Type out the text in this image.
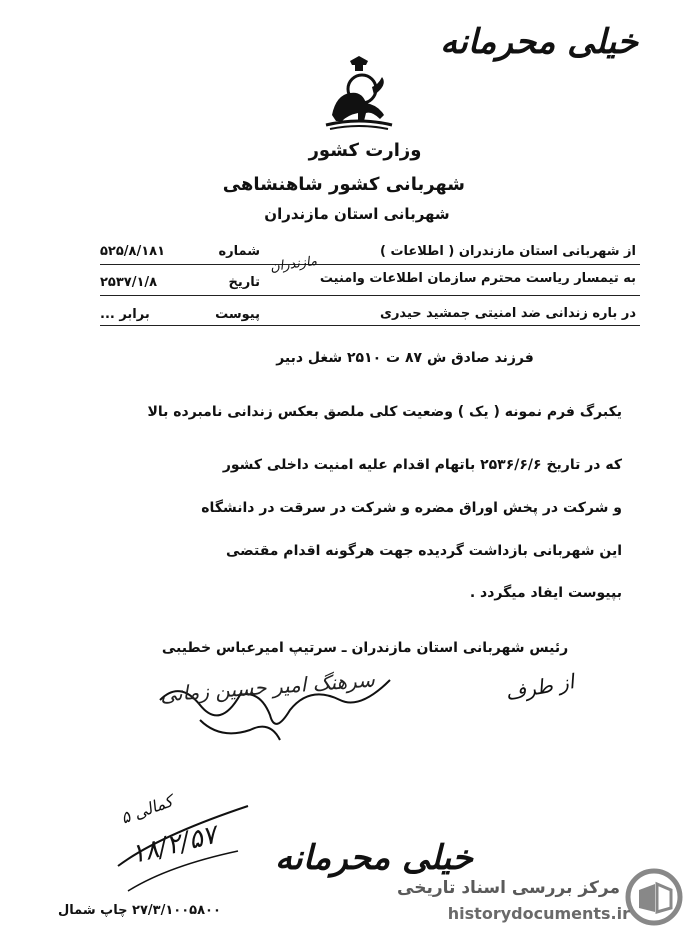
خیلی محرمانه
وزارت کشور
شهربانی کشور شاهنشاهی
شهربانی استان مازندران
از شهربانی استان مازندران ( اطلاعات )
به تیمسار ریاست محترم سازمان اطلاعات وامنیت
در باره زندانی ضد امنیتی جمشید حیدری
مازندران
شماره
۵۲۵/۸/۱۸۱
تاریخ
۲۵۳۷/۱/۸
پیوست
... برابر
فرزند صادق ش ۸۷ ت ۲۵۱۰ شغل دبیر
یکبرگ فرم نمونه ( یک ) وضعیت کلی ملصق بعکس زندانی نامبرده بالا
که در تاریخ ۲۵۳۶/۶/۶ باتهام اقدام علیه امنیت داخلی کشور
و شرکت در پخش اوراق مضره و شرکت در سرقت در دانشگاه
این شهربانی بازداشت گردیده جهت هرگونه اقدام مقتضی
بپیوست ایفاد میگردد .
رئیس شهربانی استان مازندران ـ سرتیپ امیرعباس خطیبی
سرهنگ امیر حسین زمانی	از طرف
کمالی ۵
۱۸/۲/۵۷ خیلی محرمانه
۲۷/۳/۱۰۰۵۸۰۰ چاپ شمال
مرکز بررسی اسناد تاریخی
historydocuments.ir
